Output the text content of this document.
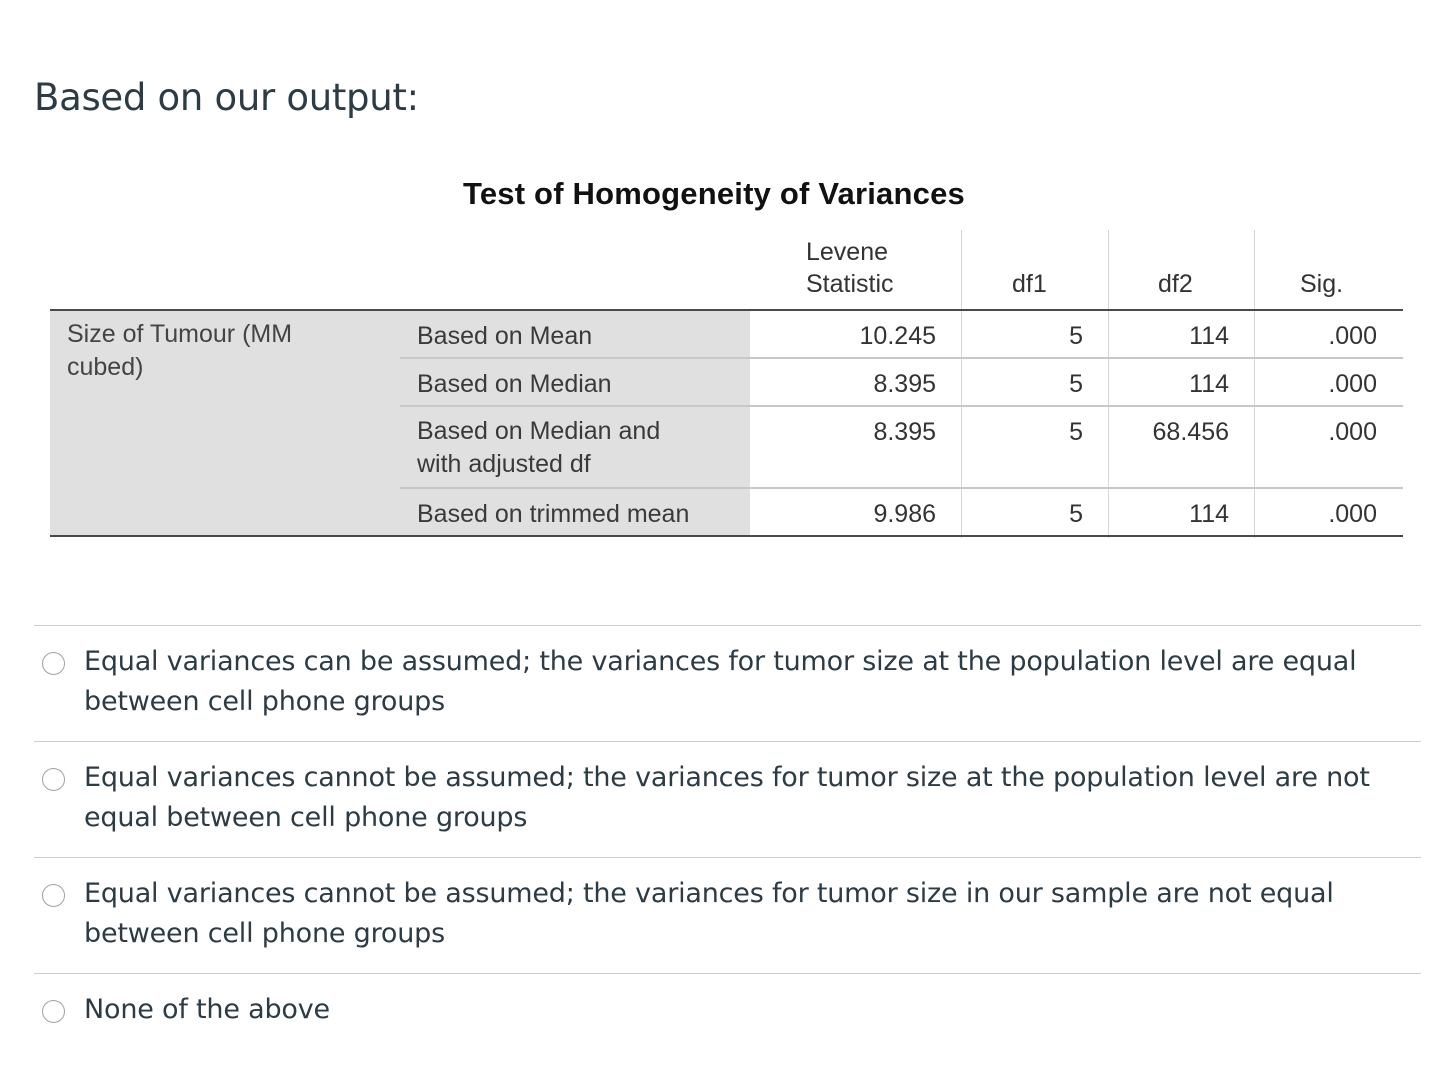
Based on our output:
Test of Homogeneity of Variances
Levene
Statistic	df1	df2	Sig.
Size of Tumour (MM
cubed)
Based on Mean	10.245	5	114	.000
Based on Median	8.395	5	114	.000
Based on Median and
with adjusted df
8.395	5	68.456	.000
Based on trimmed mean	9.986	5	114	.000
Equal variances can be assumed; the variances for tumor size at the population level are equal between cell phone groups
Equal variances cannot be assumed; the variances for tumor size at the population level are not equal between cell phone groups
Equal variances cannot be assumed; the variances for tumor size in our sample are not equal between cell phone groups
None of the above
